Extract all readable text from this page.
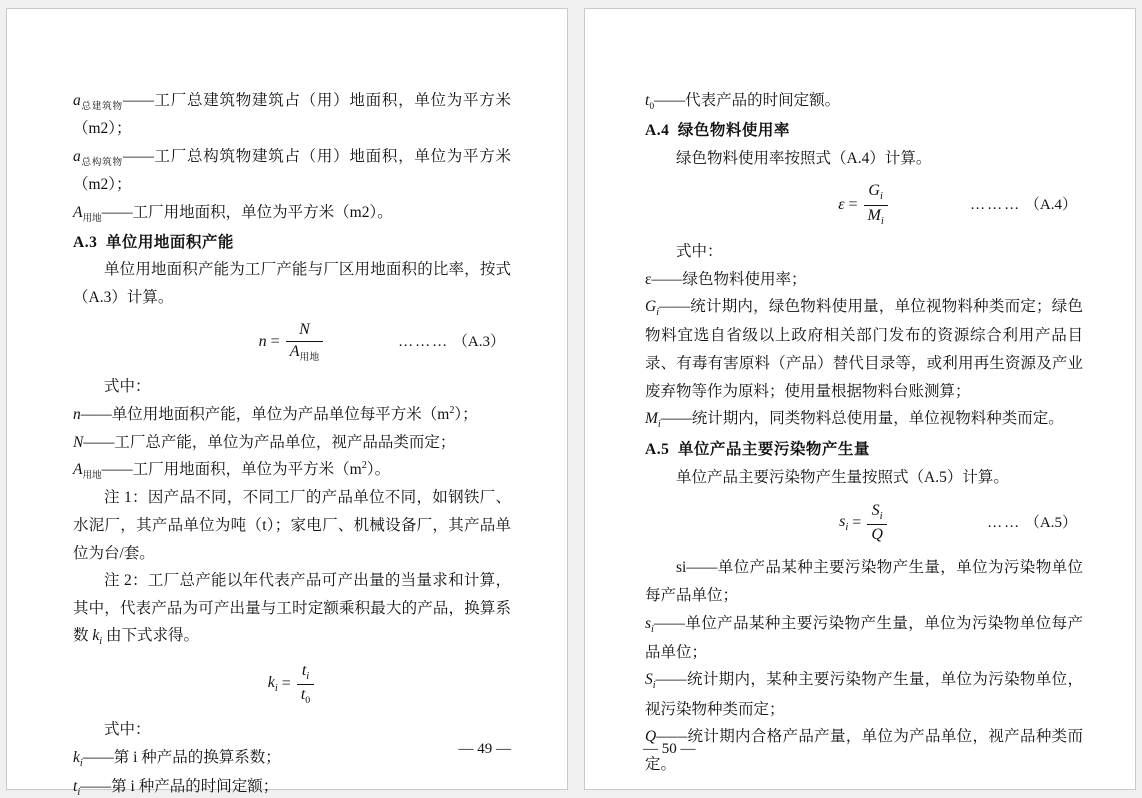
$a_{总建筑物}——$工厂总建筑物建筑占（用）地面积，单位为平方米（m2）；

$a_{总构筑物}——$工厂总构筑物建筑占（用）地面积，单位为平方米（m2）；

$A_{用地}——$工厂用地面积，单位为平方米（m2）。

A.3 单位用地面积产能

单位用地面积产能为工厂产能与厂区用地面积的比率，按式（A.3）计算。

$n = \frac{N}{A_{用地}}$	……… （A.3）

式中：

n——单位用地面积产能，单位为产品单位每平方米$(m^2)$；

N——工厂总产能，单位为产品单位，视产品品类而定；

$A_{用地}——$工厂用地面积，单位为平方米$(m^2)$。

注 1：因产品不同，不同工厂的产品单位不同，如钢铁厂、水泥厂，其产品单位为吨（t）；家电厂、机械设备厂，其产品单位为台/套。

注 2：工厂总产能以年代表产品可产出量的当量求和计算，其中，代表产品为可产出量与工时定额乘积最大的产品，换算系数 $k_i$ 由下式求得。

$k_i = \frac{t_i}{t_0}$

式中：

$k_i——$第 i 种产品的换算系数；

$t_i——$第 i 种产品的时间定额；

— 49 —

$t_0——$代表产品的时间定额。

A.4 绿色物料使用率

绿色物料使用率按照式（A.4）计算。

$\varepsilon = \frac{G_i}{M_i}$	……… （A.4）

式中：

ε——绿色物料使用率；

$G_i——$统计期内，绿色物料使用量，单位视物料种类而定；绿色物料宜选自省级以上政府相关部门发布的资源综合利用产品目录、有毒有害原料（产品）替代目录等，或利用再生资源及产业废弃物等作为原料；使用量根据物料台账测算；

$M_i——$统计期内，同类物料总使用量，单位视物料种类而定。

A.5 单位产品主要污染物产生量

单位产品主要污染物产生量按照式（A.5）计算。

$s_i = \frac{S_i}{Q}$	…… （A.5）

si——单位产品某种主要污染物产生量，单位为污染物单位每产品单位；

$s_i——$单位产品某种主要污染物产生量，单位为污染物单位每产品单位；

$S_i——$统计期内，某种主要污染物产生量，单位为污染物单位，视污染物种类而定；

Q——统计期内合格产品产量，单位为产品单位，视产品种类而定。

— 50 —
